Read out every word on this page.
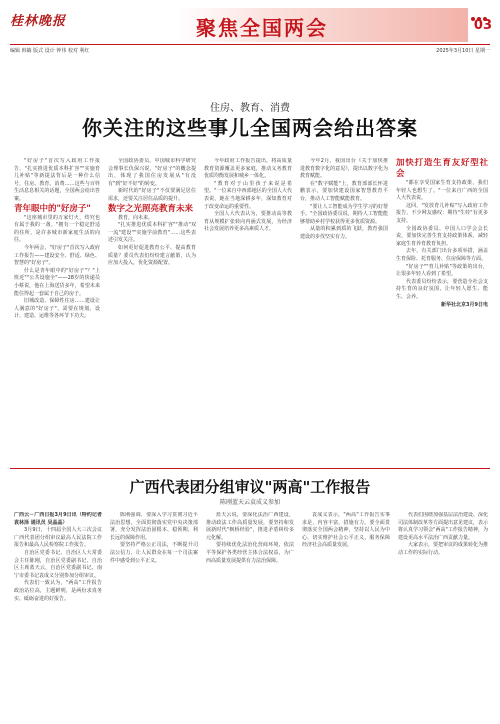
桂林晚报	聚焦全国两会	03
编辑 韩嫱 版式 设计 钟伟 校对 利红	2025年3月10日 星期一
住房、教育、消费
你关注的这些事儿全国两会给出答案

"好房子"首次写入政府工作报告，"扎实推进优质本科扩容""实施育儿补贴"等新提法背后是一种什么信号，住房、教育、消费……这些与百姓生活息息相关的话题，全国两会给出答案。

青年眼中的"好房子"

"这座城市里的万家灯火，终究也有属于我的一盏。"拥有一个稳定舒适的住所，是许多城市新家庭生活的向往。

今年两会，"好房子"首次写入政府工作报告——建设安全、舒适、绿色、智慧的"好房子"。

什么是青年眼中的"好房子"？"上班近""公共设施全"——28岁的快递员小蔡说，他在上海送货多年，希望未来能住得起一套属于自己的房子。

旧城改造、保障性住房……建设让人满意的"好房子"，需要在规划、设计、建造、运维等各环节下功夫。

全国政协委员、中国城市科学研究会理事长仇保兴说，"好房子"的概念提出，体现了我国住房发展从"有没有"到"好不好"的转变。

新时代的"好房子"不仅要满足居住需求，还要关注居住品质的提升。

数字之光照亮教育未来

教育，向未来。

"扎实推进优质本科扩容""推动"双一流"建设""实施学前教育"……这些表述引发关注。

如何更好促进教育公平、提高教育质量？委员代表们纷纷建言献策，认为应加大投入，优化资源配置。

今年政府工作报告提出，将高质量教育资源覆盖更多家庭，推动义务教育优质均衡发展和城乡一体化。

"教育对于山里孩子来说是希望。"一位来自中西部地区的全国人大代表说，她在当地深耕多年，深知教育对于改变命运的重要性。

全国人大代表认为，要推动高等教育从规模扩张转向内涵式发展，为经济社会发展培养更多高素质人才。

今年2月，我国出台《关于加快推进教育数字化的意见》，提出以数字化为教育赋能。

在"数字赋能"上，教育部部长怀进鹏表示，要加快建设国家智慧教育平台，推动人工智能赋能教育。

"要让人工智能成为学生学习的好帮手。"全国政协委员说，期待人工智能能够帮助乡村学校获得更多优质资源。

从量的积累到质的飞跃，教育强国建设的步伐坚实有力。

加快打造生育友好型社会

"都在享受国家生育支持政策，我们年轻人也想生了。"一位来自广西的全国人大代表说。

这回，"发放育儿补贴"写入政府工作报告，不少网友感叹：期待"生娃"有更多支持。

全国政协委员、中国人口学会会长说，要加快完善生育支持政策体系，减轻家庭生育养育教育负担。

去年，有关部门出台多项举措，涵盖生育保险、托育服务、住房保障等方面。

"好房子""育儿补贴"等政策的出台，让很多年轻人看到了希望。

代表委员纷纷表示，要营造全社会支持生育的良好氛围，让年轻人愿生、能生、会养。

新华社北京3月9日电

广西代表团分组审议"两高"工作报告
陈刚蓝天云袁成义参加

广西云－广西日报3月9日讯（特约记者袁林泽 通讯员 吴晶晶）

3月9日，十四届全国人大三次会议广西代表团分组审议最高人民法院工作报告和最高人民检察院工作报告。

自治区党委书记、自治区人大常委会主任陈刚，自治区党委副书记、自治区主席蓝天云，自治区党委副书记、南宁市委书记袁成义分别参加分组审议。

代表们一致认为，"两高"工作报告政治站位高，主题鲜明，是两份求真务实、砥砺奋进的好报告。

陈刚强调，要深入学习贯彻习近平法治思想，全面贯彻落实党中央决策部署，充分发挥法治固根本、稳预期、利长远的保障作用。

要坚持严格公正司法，不断提升司法公信力，让人民群众在每一个司法案件中感受到公平正义。

蓝天云说，要深化法治广西建设，推动政法工作高质量发展。要坚持和发展新时代"枫桥经验"，推进矛盾纠纷多元化解。

要持续优化法治化营商环境，依法平等保护各类经营主体合法权益，为广西高质量发展提供有力法治保障。

袁成义表示，"两高"工作报告实事求是，内容丰富，措施有力。要全面贯彻落实全国两会精神，坚持以人民为中心，切实维护社会公平正义，服务保障经济社会高质量发展。

代表们围绕加强基层法治建设、深化司法体制改革等方面提出意见建议，表示将认真学习领会"两高"工作报告精神，为建设更高水平法治广西贡献力量。

大家表示，要把审议的成果转化为推动工作的实际行动。
